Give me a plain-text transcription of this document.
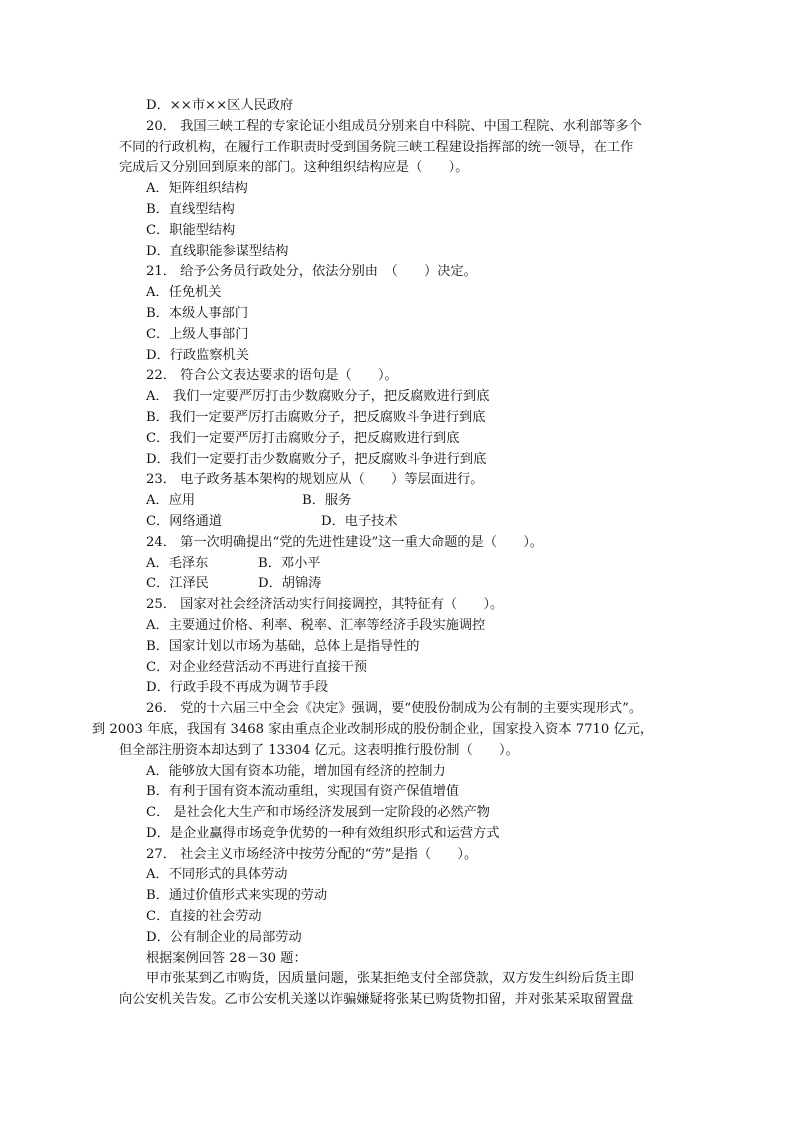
D．××市××区人民政府
20． 我国三峡工程的专家论证小组成员分别来自中科院、中国工程院、水利部等多个
不同的行政机构，在履行工作职责时受到国务院三峡工程建设指挥部的统一领导，在工作
完成后又分别回到原来的部门。这种组织结构应是（　　）。
A．矩阵组织结构
B．直线型结构
C．职能型结构
D．直线职能参谋型结构
21． 给予公务员行政处分，依法分别由　（　　）决定。
A．任免机关
B．本级人事部门
C．上级人事部门
D．行政监察机关
22． 符合公文表达要求的语句是（　　）。
A． 我们一定要严厉打击少数腐败分子，把反腐败进行到底
B．我们一定要严厉打击腐败分子，把反腐败斗争进行到底
C．我们一定要严厉打击腐败分子，把反腐败进行到底
D．我们一定要打击少数腐败分子，把反腐败斗争进行到底
23． 电子政务基本架构的规划应从（　　）等层面进行。
A．应用	B．服务
C．网络通道	D．电子技术
24． 第一次明确提出“党的先进性建设”这一重大命题的是（　　）。
A．毛泽东	B．邓小平
C．江泽民	D．胡锦涛
25． 国家对社会经济活动实行间接调控，其特征有（　　）。
A．主要通过价格、利率、税率、汇率等经济手段实施调控
B．国家计划以市场为基础，总体上是指导性的
C．对企业经营活动不再进行直接干预
D．行政手段不再成为调节手段
26． 党的十六届三中全会《决定》强调，要“使股份制成为公有制的主要实现形式”。
到 2003 年底，我国有 3468 家由重点企业改制形成的股份制企业，国家投入资本 7710 亿元，
但全部注册资本却达到了 13304 亿元。这表明推行股份制（　　）。
A．能够放大国有资本功能，增加国有经济的控制力
B．有利于国有资本流动重组，实现国有资产保值增值
C． 是社会化大生产和市场经济发展到一定阶段的必然产物
D．是企业赢得市场竞争优势的一种有效组织形式和运营方式
27． 社会主义市场经济中按劳分配的“劳”是指（　　）。
A．不同形式的具体劳动
B．通过价值形式来实现的劳动
C．直接的社会劳动
D．公有制企业的局部劳动
根据案例回答 28－30 题：
甲市张某到乙市购货，因质量问题，张某拒绝支付全部贷款，双方发生纠纷后货主即
向公安机关告发。乙市公安机关遂以诈骗嫌疑将张某已购货物扣留，并对张某采取留置盘
